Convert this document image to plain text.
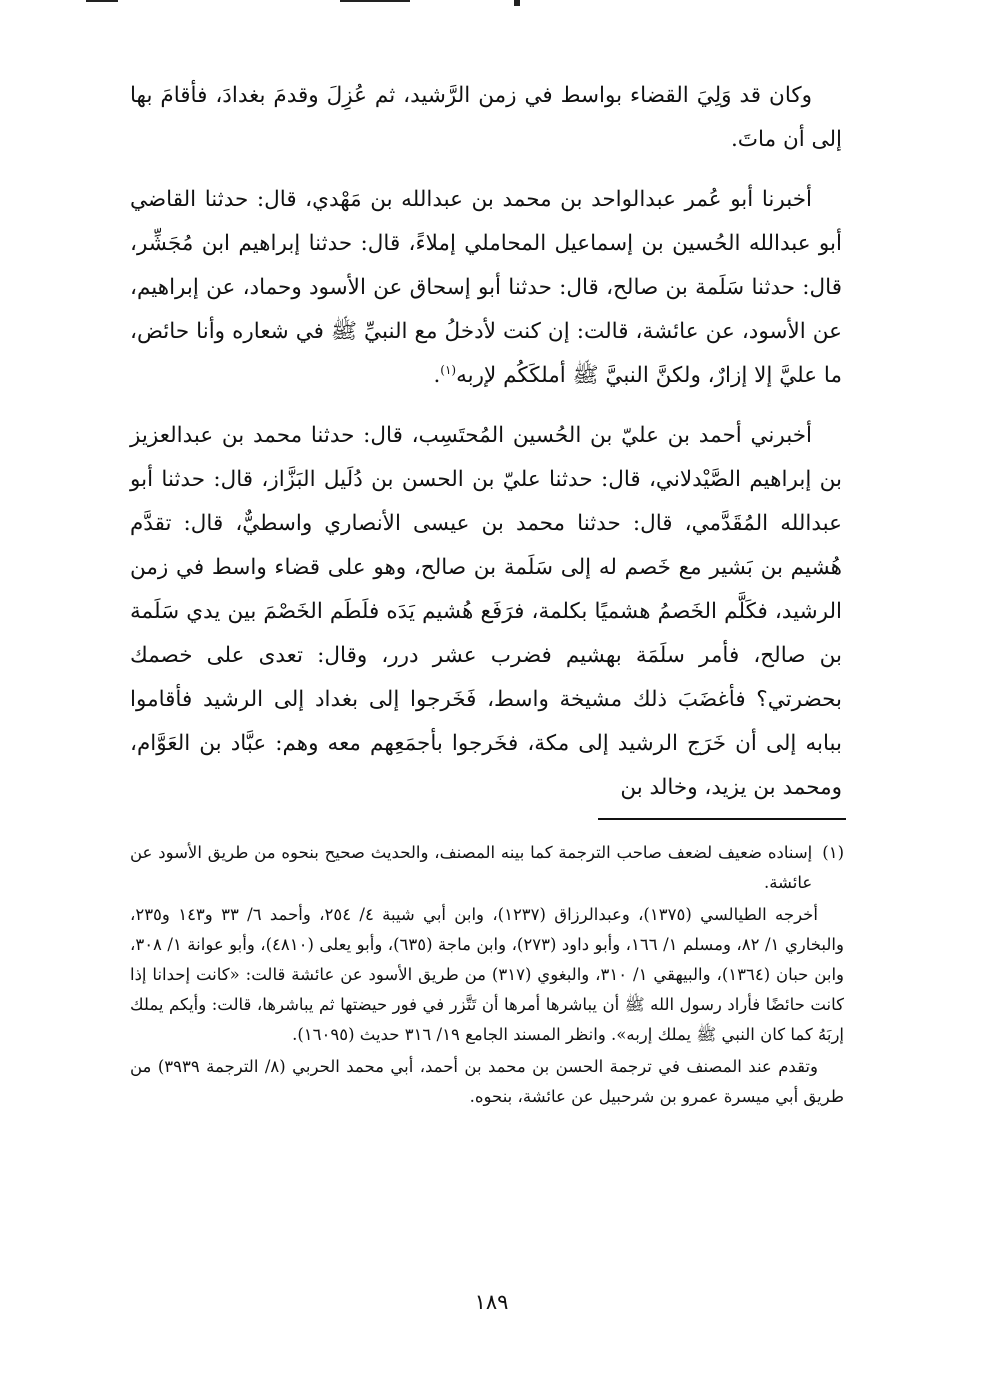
وكان قد وَلِيَ القضاء بواسط في زمن الرَّشيد، ثم عُزِلَ وقدمَ بغدادَ، فأقامَ بها إلى أن ماتَ.

أخبرنا أبو عُمر عبدالواحد بن محمد بن عبدالله بن مَهْدي، قال: حدثنا القاضي أبو عبدالله الحُسين بن إسماعيل المحاملي إملاءً، قال: حدثنا إبراهيم ابن مُجَشِّر، قال: حدثنا سَلَمة بن صالح، قال: حدثنا أبو إسحاق عن الأسود وحماد، عن إبراهيم، عن الأسود، عن عائشة، قالت: إن كنت لأدخلُ مع النبيِّ ﷺ في شعاره وأنا حائض، ما عليَّ إلا إزارٌ، ولكنَّ النبيَّ ﷺ أملكَكُم لإربه$^{(١)}$.

أخبرني أحمد بن عليّ بن الحُسين المُحتَسِب، قال: حدثنا محمد بن عبدالعزيز بن إبراهيم الصَّيْدلاني، قال: حدثنا عليّ بن الحسن بن دُلَيل البَزَّاز، قال: حدثنا أبو عبدالله المُقَدَّمي، قال: حدثنا محمد بن عيسى الأنصاري واسطيٌّ، قال: تقدَّم هُشيم بن بَشير مع خَصم له إلى سَلَمة بن صالح، وهو على قضاء واسط في زمن الرشيد، فكَلَّم الخَصمُ هشميًا بكلمة، فرَفَع هُشيم يَدَه فلَطَم الخَصْمَ بين يدي سَلَمة بن صالح، فأمر سلَمَة بهشيم فضرب عشر درر، وقال: تعدى على خصمك بحضرتي؟ فأغضَبَ ذلك مشيخة واسط، فَخَرجوا إلى بغداد إلى الرشيد فأقاموا ببابه إلى أن خَرَج الرشيد إلى مكة، فخَرجوا بأجمَعِهم معه وهم: عبَّاد بن العَوَّام، ومحمد بن يزيد، وخالد بن

(١)

إسناده ضعيف لضعف صاحب الترجمة كما بينه المصنف، والحديث صحيح بنحوه من طريق الأسود عن عائشة.

أخرجه الطيالسي (١٣٧٥)، وعبدالرزاق (١٢٣٧)، وابن أبي شيبة ٤/ ٢٥٤، وأحمد ٦/ ٣٣ و١٤٣ و٢٣٥، والبخاري ١/ ٨٢، ومسلم ١/ ١٦٦، وأبو داود (٢٧٣)، وابن ماجة (٦٣٥)، وأبو يعلى (٤٨١٠)، وأبو عوانة ١/ ٣٠٨، وابن حبان (١٣٦٤)، والبيهقي ١/ ٣١٠، والبغوي (٣١٧) من طريق الأسود عن عائشة قالت: «كانت إحدانا إذا كانت حائضًا فأراد رسول الله ﷺ أن يباشرها أمرها أن تَتَّزر في فور حيضتها ثم يباشرها، قالت: وأيكم يملك إربَهُ كما كان النبي ﷺ يملك إربه». وانظر المسند الجامع ١٩/ ٣١٦ حديث (١٦٠٩٥).

وتقدم عند المصنف في ترجمة الحسن بن محمد بن أحمد، أبي محمد الحربي (٨/ الترجمة ٣٩٣٩) من طريق أبي ميسرة عمرو بن شرحبيل عن عائشة، بنحوه.

١٨٩
